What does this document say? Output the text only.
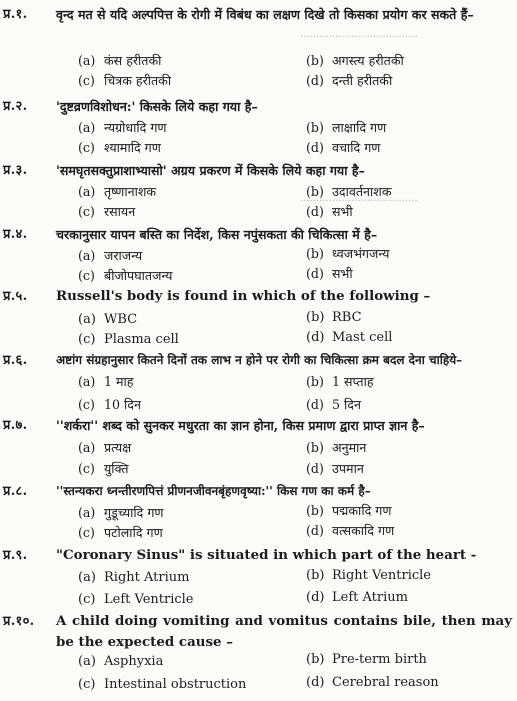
·····································
·····································
प्र.१. वृन्द मत से यदि अल्पपित्त के रोगी में विबंध का लक्षण दिखे तो किसका प्रयोग कर सकते हैं–
(a) कंस हरीतकी	(b) अगस्त्य हरीतकी
(c) चित्रक हरीतकी	(d) दन्ती हरीतकी
प्र.२. 'दुष्टव्रणविशोधन:' किसके लिये कहा गया है–
(a) न्यग्रोधादि गण	(b) लाक्षादि गण
(c) श्यामादि गण	(d) वचादि गण
प्र.३. 'समघृतसक्तुप्राशाभ्यासो' अग्रय प्रकरण में किसके लिये कहा गया है–
(a) तृष्णानाशक	(b) उदावर्तनाशक
(c) रसायन	(d) सभी
प्र.४. चरकानुसार यापन बस्ति का निर्देश, किस नपुंसकता की चिकित्सा में है–
(a) जराजन्य	(b) ध्वजभंगजन्य
(c) बीजोपघातजन्य	(d) सभी
प्र.५. Russell's body is found in which of the following –
(a) WBC	(b) RBC
(c) Plasma cell	(d) Mast cell
प्र.६. अष्टांग संग्रहानुसार कितने दिनों तक लाभ न होने पर रोगी का चिकित्सा क्रम बदल देना चाहिये–
(a) 1 माह	(b) 1 सप्ताह
(c) 10 दिन	(d) 5 दिन
प्र.७. ''शर्करा'' शब्द को सुनकर मधुरता का ज्ञान होना, किस प्रमाण द्वारा प्राप्त ज्ञान है–
(a) प्रत्यक्ष	(b) अनुमान
(c) युक्ति	(d) उपमान
प्र.८. ''स्तन्यकरा ध्नन्तीरणपित्तं प्रीणनजीवनबृंहणवृष्या:'' किस गण का कर्म है–
(a) गुडूच्यादि गण	(b) पद्मकादि गण
(c) पटोलादि गण	(d) वत्सकादि गण
प्र.९. "Coronary Sinus" is situated in which part of the heart -
(a) Right Atrium	(b) Right Ventricle
(c) Left Ventricle	(d) Left Atrium
प्र.१०. A child doing vomiting and vomitus contains bile, then may be the expected cause –
(a) Asphyxia	(b) Pre-term birth
(c) Intestinal obstruction	(d) Cerebral reason
